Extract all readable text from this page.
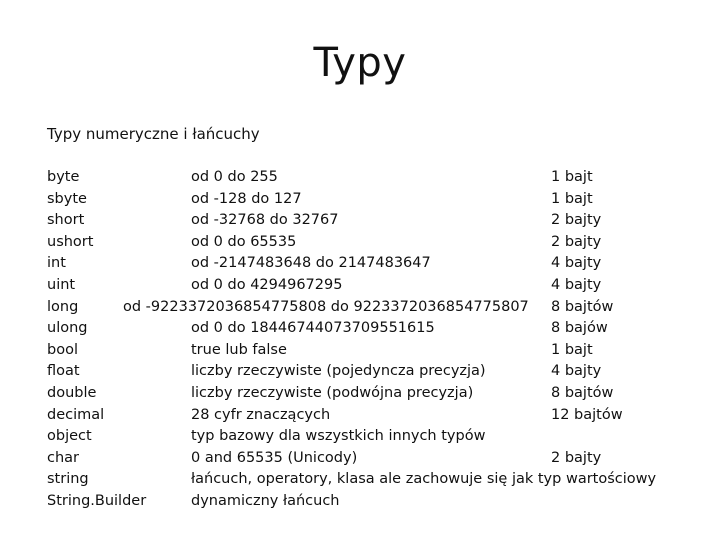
Typy
Typy numeryczne i łańcuchy
byte	od 0 do 255	1 bajt
sbyte	od -128 do 127	1 bajt
short	od -32768 do 32767	2 bajty
ushort	od 0 do 65535	2 bajty
int	od -2147483648 do 2147483647	4 bajty
uint	od 0 do 4294967295	4 bajty
long	od -9223372036854775808 do 9223372036854775807 8 bajtów
ulong	od 0 do 18446744073709551615	8 bajów
bool	true lub false	1 bajt
float	liczby rzeczywiste (pojedyncza precyzja)	4 bajty
double	liczby rzeczywiste (podwójna precyzja)	8 bajtów
decimal	28 cyfr znaczących	12 bajtów
object	typ bazowy dla wszystkich innych typów
char	0 and 65535 (Unicody)	2 bajty
string	łańcuch, operatory, klasa ale zachowuje się jak typ wartościowy
String.Builder	dynamiczny łańcuch
